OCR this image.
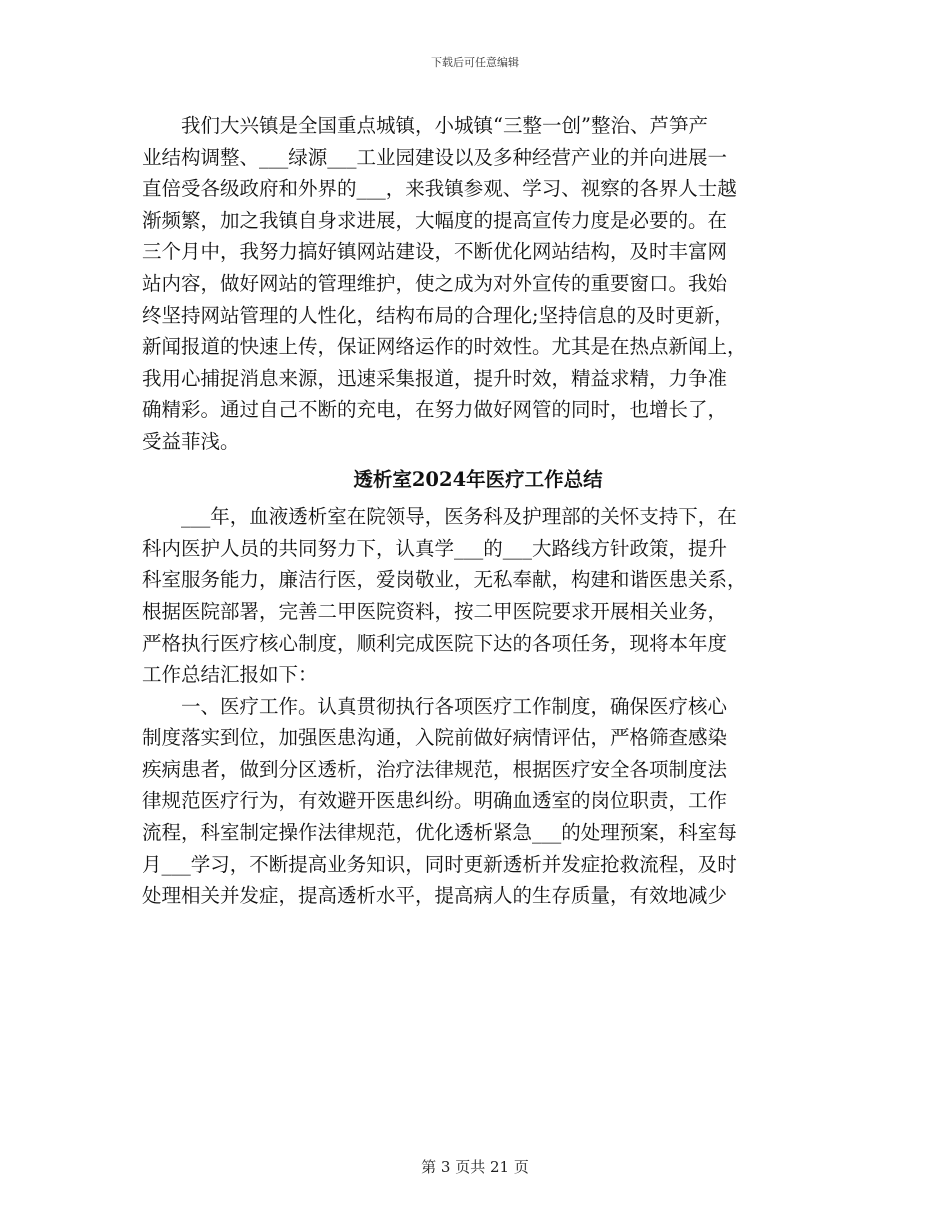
下载后可任意编辑
　　我们大兴镇是全国重点城镇，小城镇“三整一创”整治、芦笋产
业结构调整、___绿源___工业园建设以及多种经营产业的并向进展一
直倍受各级政府和外界的___，来我镇参观、学习、视察的各界人士越
渐频繁，加之我镇自身求进展，大幅度的提高宣传力度是必要的。在
三个月中，我努力搞好镇网站建设，不断优化网站结构，及时丰富网
站内容，做好网站的管理维护，使之成为对外宣传的重要窗口。我始
终坚持网站管理的人性化，结构布局的合理化;坚持信息的及时更新，
新闻报道的快速上传，保证网络运作的时效性。尤其是在热点新闻上，
我用心捕捉消息来源，迅速采集报道，提升时效，精益求精，力争准
确精彩。通过自己不断的充电，在努力做好网管的同时，也增长了，
受益菲浅。
透析室2024年医疗工作总结
　　___年，血液透析室在院领导，医务科及护理部的关怀支持下，在
科内医护人员的共同努力下，认真学___的___大路线方针政策，提升
科室服务能力，廉洁行医，爱岗敬业，无私奉献，构建和谐医患关系，
根据医院部署，完善二甲医院资料，按二甲医院要求开展相关业务，
严格执行医疗核心制度，顺利完成医院下达的各项任务，现将本年度
工作总结汇报如下：
　　一、医疗工作。认真贯彻执行各项医疗工作制度，确保医疗核心
制度落实到位，加强医患沟通，入院前做好病情评估，严格筛查感染
疾病患者，做到分区透析，治疗法律规范，根据医疗安全各项制度法
律规范医疗行为，有效避开医患纠纷。明确血透室的岗位职责，工作
流程，科室制定操作法律规范，优化透析紧急___的处理预案，科室每
月___学习，不断提高业务知识，同时更新透析并发症抢救流程，及时
处理相关并发症，提高透析水平，提高病人的生存质量，有效地减少
第 3 页共 21 页
